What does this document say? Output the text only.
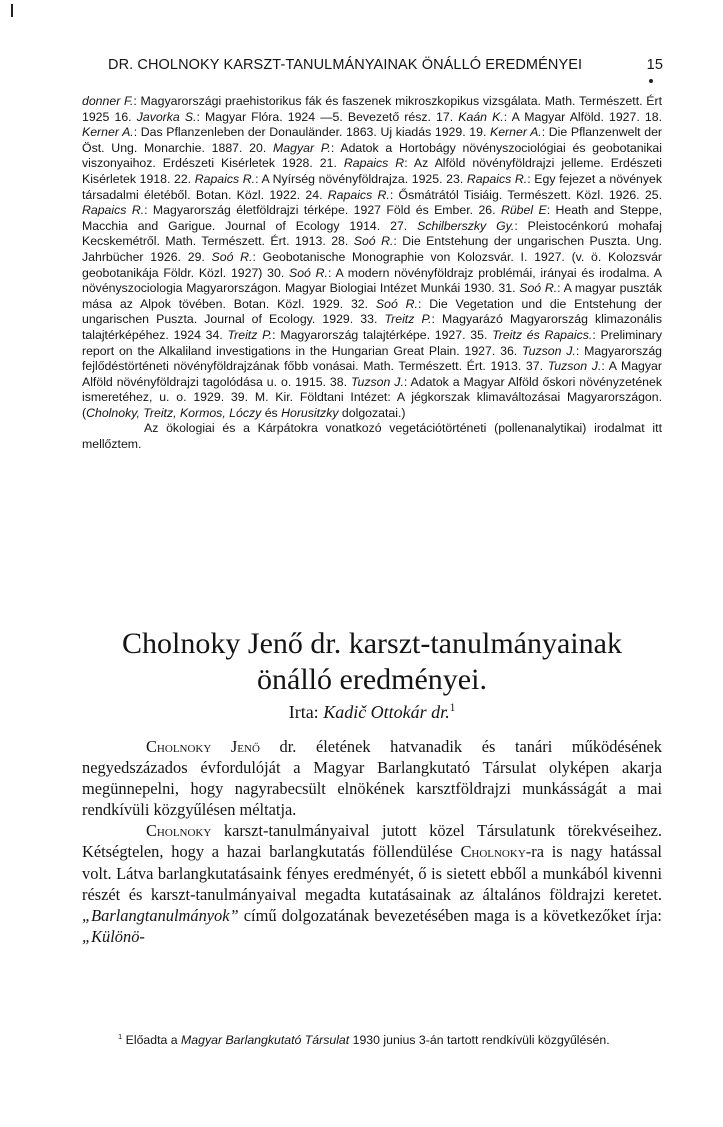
DR. CHOLNOKY KARSZT-TANULMÁNYAINAK ÖNÁLLÓ EREDMÉNYEI	15

donner F.: Magyarországi praehistorikus fák és faszenek mikroszkopikus vizsgálata. Math. Természett. Ért 1925 16. Javorka S.: Magyar Flóra. 1924 —5. Bevezető rész. 17. Kaán K.: A Magyar Alföld. 1927. 18. Kerner A.: Das Pflanzenleben der Donauländer. 1863. Uj kiadás 1929. 19. Kerner A.: Die Pflanzenwelt der Öst. Ung. Monarchie. 1887. 20. Magyar P.: Adatok a Hortobágy növényszociológiai és geobotanikai viszonyaihoz. Erdészeti Kisérletek 1928. 21. Rapaics R: Az Alföld növényföldrajzi jelleme. Erdészeti Kisérletek 1918. 22. Rapaics R.: A Nyírség növényföldrajza. 1925. 23. Rapaics R.: Egy fejezet a növények társadalmi életéből. Botan. Közl. 1922. 24. Rapaics R.: Ősmátrától Tisiáig. Természett. Közl. 1926. 25. Rapaics R.: Magyarország életföldrajzi térképe. 1927 Föld és Ember. 26. Rübel E: Heath and Steppe, Macchia and Garigue. Journal of Ecology 1914. 27. Schilberszky Gy.: Pleistocénkorú mohafaj Kecskemétről. Math. Természett. Ért. 1913. 28. Soó R.: Die Entstehung der ungarischen Puszta. Ung. Jahrbücher 1926. 29. Soó R.: Geobotanische Monographie von Kolozsvár. I. 1927. (v. ö. Kolozsvár geobotanikája Földr. Közl. 1927) 30. Soó R.: A modern növényföldrajz problémái, irányai és irodalma. A növényszociologia Magyarországon. Magyar Biologiai Intézet Munkái 1930. 31. Soó R.: A magyar puszták mása az Alpok tövében. Botan. Közl. 1929. 32. Soó R.: Die Vegetation und die Entstehung der ungarischen Puszta. Journal of Ecology. 1929. 33. Treitz P.: Magyarázó Magyarország klimazonális talajtérképéhez. 1924 34. Treitz P.: Magyarország talajtérképe. 1927. 35. Treitz és Rapaics.: Preliminary report on the Alkaliland investigations in the Hungarian Great Plain. 1927. 36. Tuzson J.: Magyarország fejlődéstörténeti növényföldrajzának főbb vonásai. Math. Természett. Ért. 1913. 37. Tuzson J.: A Magyar Alföld növényföldrajzi tagolódása u. o. 1915. 38. Tuzson J.: Adatok a Magyar Alföld őskori növényzetének ismeretéhez, u. o. 1929. 39. M. Kir. Földtani Intézet: A jégkorszak klimaváltozásai Magyarországon. (Cholnoky, Treitz, Kormos, Lóczy és Horusitzky dolgozatai.)

Az ökologiai és a Kárpátokra vonatkozó vegetációtörténeti (pollenanalytikai) irodalmat itt mellőztem.

Cholnoky Jenő dr. karszt-tanulmányainak
önálló eredményei.
Irta: Kadič Ottokár dr.$^1$

Cholnoky Jenő dr. életének hatvanadik és tanári működésének negyedszázados évfordulóját a Magyar Barlangkutató Társulat olyképen akarja megünnepelni, hogy nagyrabecsült elnökének karsztföldrajzi munkásságát a mai rendkívüli közgyűlésen méltatja.

Cholnoky karszt-tanulmányaival jutott közel Társulatunk törekvéseihez. Kétségtelen, hogy a hazai barlangkutatás föllendülése Cholnoky-ra is nagy hatással volt. Látva barlangkutatásaink fényes eredményét, ő is sietett ebből a munkából kivenni részét és karszt-tanulmányaival megadta kutatásainak az általános földrajzi keretet. „Barlangtanulmányok” című dolgozatának bevezetésében maga is a következőket írja: „Különö-

$^1$ Előadta a Magyar Barlangkutató Társulat 1930 junius 3-án tartott rendkívüli közgyűlésén.
